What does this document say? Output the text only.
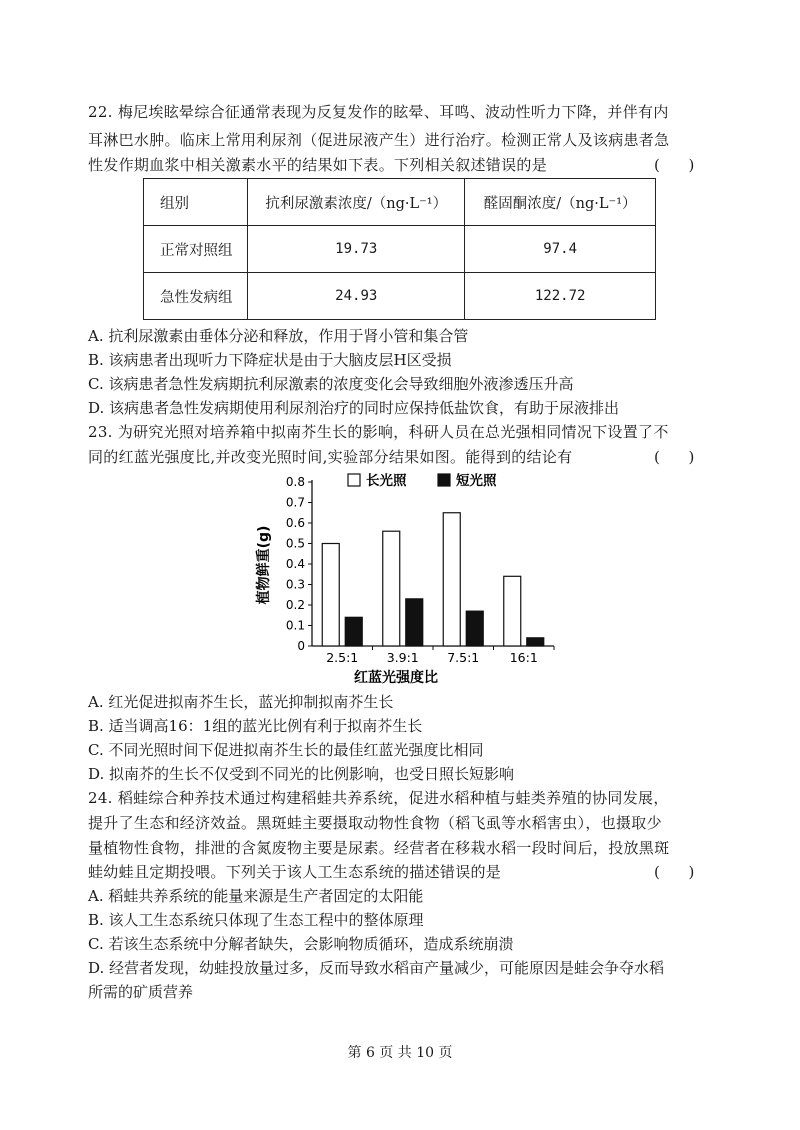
22. 梅尼埃眩晕综合征通常表现为反复发作的眩晕、耳鸣、波动性听力下降，并伴有内
耳淋巴水肿。临床上常用利尿剂（促进尿液产生）进行治疗。检测正常人及该病患者急
性发作期血浆中相关激素水平的结果如下表。下列相关叙述错误的是	(      )
组别	抗利尿激素浓度/（ng·L⁻¹）	醛固酮浓度/（ng·L⁻¹）
正常对照组	19.73	97.4
急性发病组	24.93	122.72
A. 抗利尿激素由垂体分泌和释放，作用于肾小管和集合管
B. 该病患者出现听力下降症状是由于大脑皮层H区受损
C. 该病患者急性发病期抗利尿激素的浓度变化会导致细胞外液渗透压升高
D. 该病患者急性发病期使用利尿剂治疗的同时应保持低盐饮食，有助于尿液排出
23. 为研究光照对培养箱中拟南芥生长的影响，科研人员在总光强相同情况下设置了不
同的红蓝光强度比,并改变光照时间,实验部分结果如图。能得到的结论有	(      )
0
0.1
0.2
0.3
0.4
0.5
0.6
0.7
0.8
2.5:1 3.9:1 7.5:1 16:1
长光照	短光照
红蓝光强度比
植物鲜重(g)
A. 红光促进拟南芥生长，蓝光抑制拟南芥生长
B. 适当调高16：1组的蓝光比例有利于拟南芥生长
C. 不同光照时间下促进拟南芥生长的最佳红蓝光强度比相同
D. 拟南芥的生长不仅受到不同光的比例影响，也受日照长短影响
24. 稻蛙综合种养技术通过构建稻蛙共养系统，促进水稻种植与蛙类养殖的协同发展，
提升了生态和经济效益。黑斑蛙主要摄取动物性食物（稻飞虱等水稻害虫），也摄取少
量植物性食物，排泄的含氮废物主要是尿素。经营者在移栽水稻一段时间后，投放黑斑
蛙幼蛙且定期投喂。下列关于该人工生态系统的描述错误的是	(      )
A. 稻蛙共养系统的能量来源是生产者固定的太阳能
B. 该人工生态系统只体现了生态工程中的整体原理
C. 若该生态系统中分解者缺失，会影响物质循环，造成系统崩溃
D. 经营者发现，幼蛙投放量过多，反而导致水稻亩产量减少，可能原因是蛙会争夺水稻
所需的矿质营养
第 6 页 共 10 页
